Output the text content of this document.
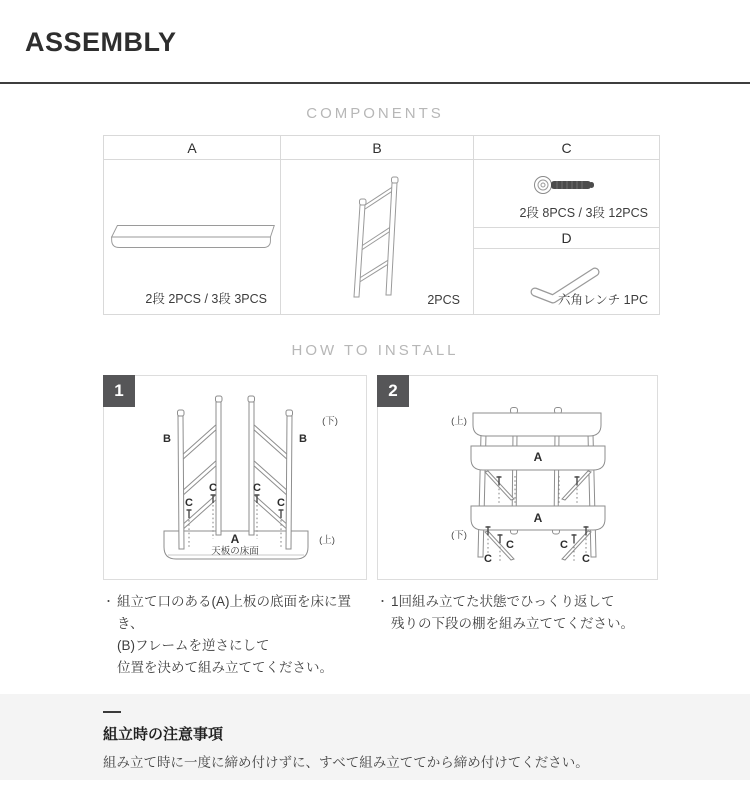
ASSEMBLY
COMPONENTS
A
2段 2PCS / 3段 3PCS
B
2PCS
C
2段 8PCS / 3段 12PCS
D
六角レンチ 1PC
HOW TO INSTALL
1
B	B
C
C
C
C
A
天板の床面
(下)
(上)
2
A
A
C
C
C
C
(上)
(下)
・ 組立て口のある(A)上板の底面を床に置き、
(B)フレームを逆さにして
位置を決めて組み立ててください。
・ 1回組み立てた状態でひっくり返して
残りの下段の棚を組み立ててください。
組立時の注意事項

組み立て時に一度に締め付けずに、すべて組み立ててから締め付けてください。
